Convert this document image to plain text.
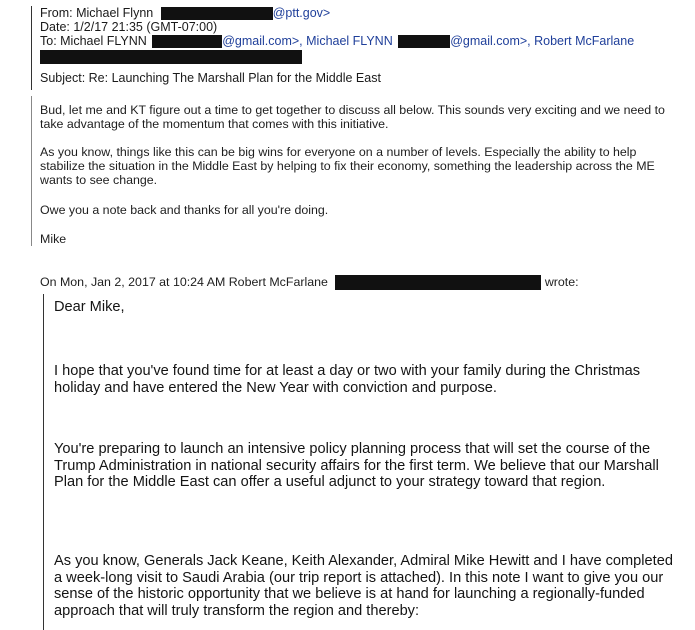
From: Michael Flynn	@ptt.gov>
Date: 1/2/17 21:35 (GMT-07:00)
To: Michael FLYNN	@gmail.com>, Michael FLYNN	@gmail.com>, Robert McFarlane
Subject: Re: Launching The Marshall Plan for the Middle East
Bud, let me and KT figure out a time to get together to discuss all below. This sounds very exciting and we need to take advantage of the momentum that comes with this initiative.
As you know, things like this can be big wins for everyone on a number of levels. Especially the ability to help stabilize the situation in the Middle East by helping to fix their economy, something the leadership across the ME wants to see change.
Owe you a note back and thanks for all you're doing.
Mike
On Mon, Jan 2, 2017 at 10:24 AM Robert McFarlane	wrote:
Dear Mike,
I hope that you've found time for at least a day or two with your family during the Christmas holiday and have entered the New Year with conviction and purpose.
You're preparing to launch an intensive policy planning process that will set the course of the Trump Administration in national security affairs for the first term. We believe that our Marshall Plan for the Middle East can offer a useful adjunct to your strategy toward that region.
As you know, Generals Jack Keane, Keith Alexander, Admiral Mike Hewitt and I have completed a week-long visit to Saudi Arabia (our trip report is attached). In this note I want to give you our sense of the historic opportunity that we believe is at hand for launching a regionally-funded approach that will truly transform the region and thereby:
